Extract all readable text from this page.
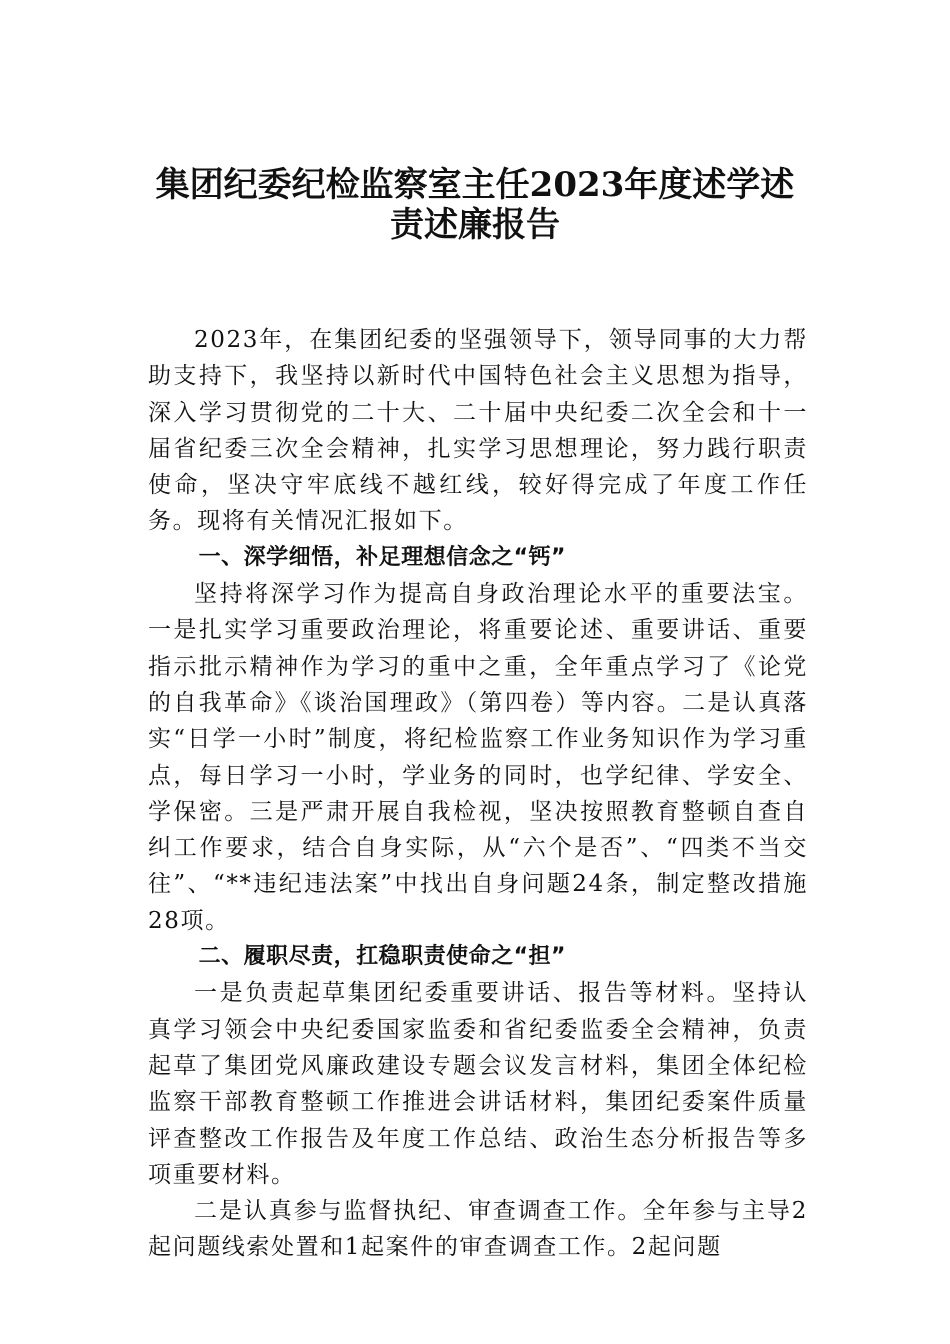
集团纪委纪检监察室主任2023年度述学述
责述廉报告

2023年，在集团纪委的坚强领导下，领导同事的大力帮助支持下，我坚持以新时代中国特色社会主义思想为指导，深入学习贯彻党的二十大、二十届中央纪委二次全会和十一届省纪委三次全会精神，扎实学习思想理论，努力践行职责使命，坚决守牢底线不越红线，较好得完成了年度工作任务。现将有关情况汇报如下。

一、深学细悟，补足理想信念之“钙”

坚持将深学习作为提高自身政治理论水平的重要法宝。一是扎实学习重要政治理论，将重要论述、重要讲话、重要指示批示精神作为学习的重中之重，全年重点学习了《论党的自我革命》《谈治国理政》（第四卷）等内容。二是认真落实“日学一小时”制度，将纪检监察工作业务知识作为学习重点，每日学习一小时，学业务的同时，也学纪律、学安全、学保密。三是严肃开展自我检视，坚决按照教育整顿自查自纠工作要求，结合自身实际，从“六个是否”、“四类不当交往”、“**违纪违法案”中找出自身问题24条，制定整改措施28项。

二、履职尽责，扛稳职责使命之“担”

一是负责起草集团纪委重要讲话、报告等材料。坚持认真学习领会中央纪委国家监委和省纪委监委全会精神，负责起草了集团党风廉政建设专题会议发言材料，集团全体纪检监察干部教育整顿工作推进会讲话材料，集团纪委案件质量评查整改工作报告及年度工作总结、政治生态分析报告等多项重要材料。

二是认真参与监督执纪、审查调查工作。全年参与主导2起问题线索处置和1起案件的审查调查工作。2起问题
